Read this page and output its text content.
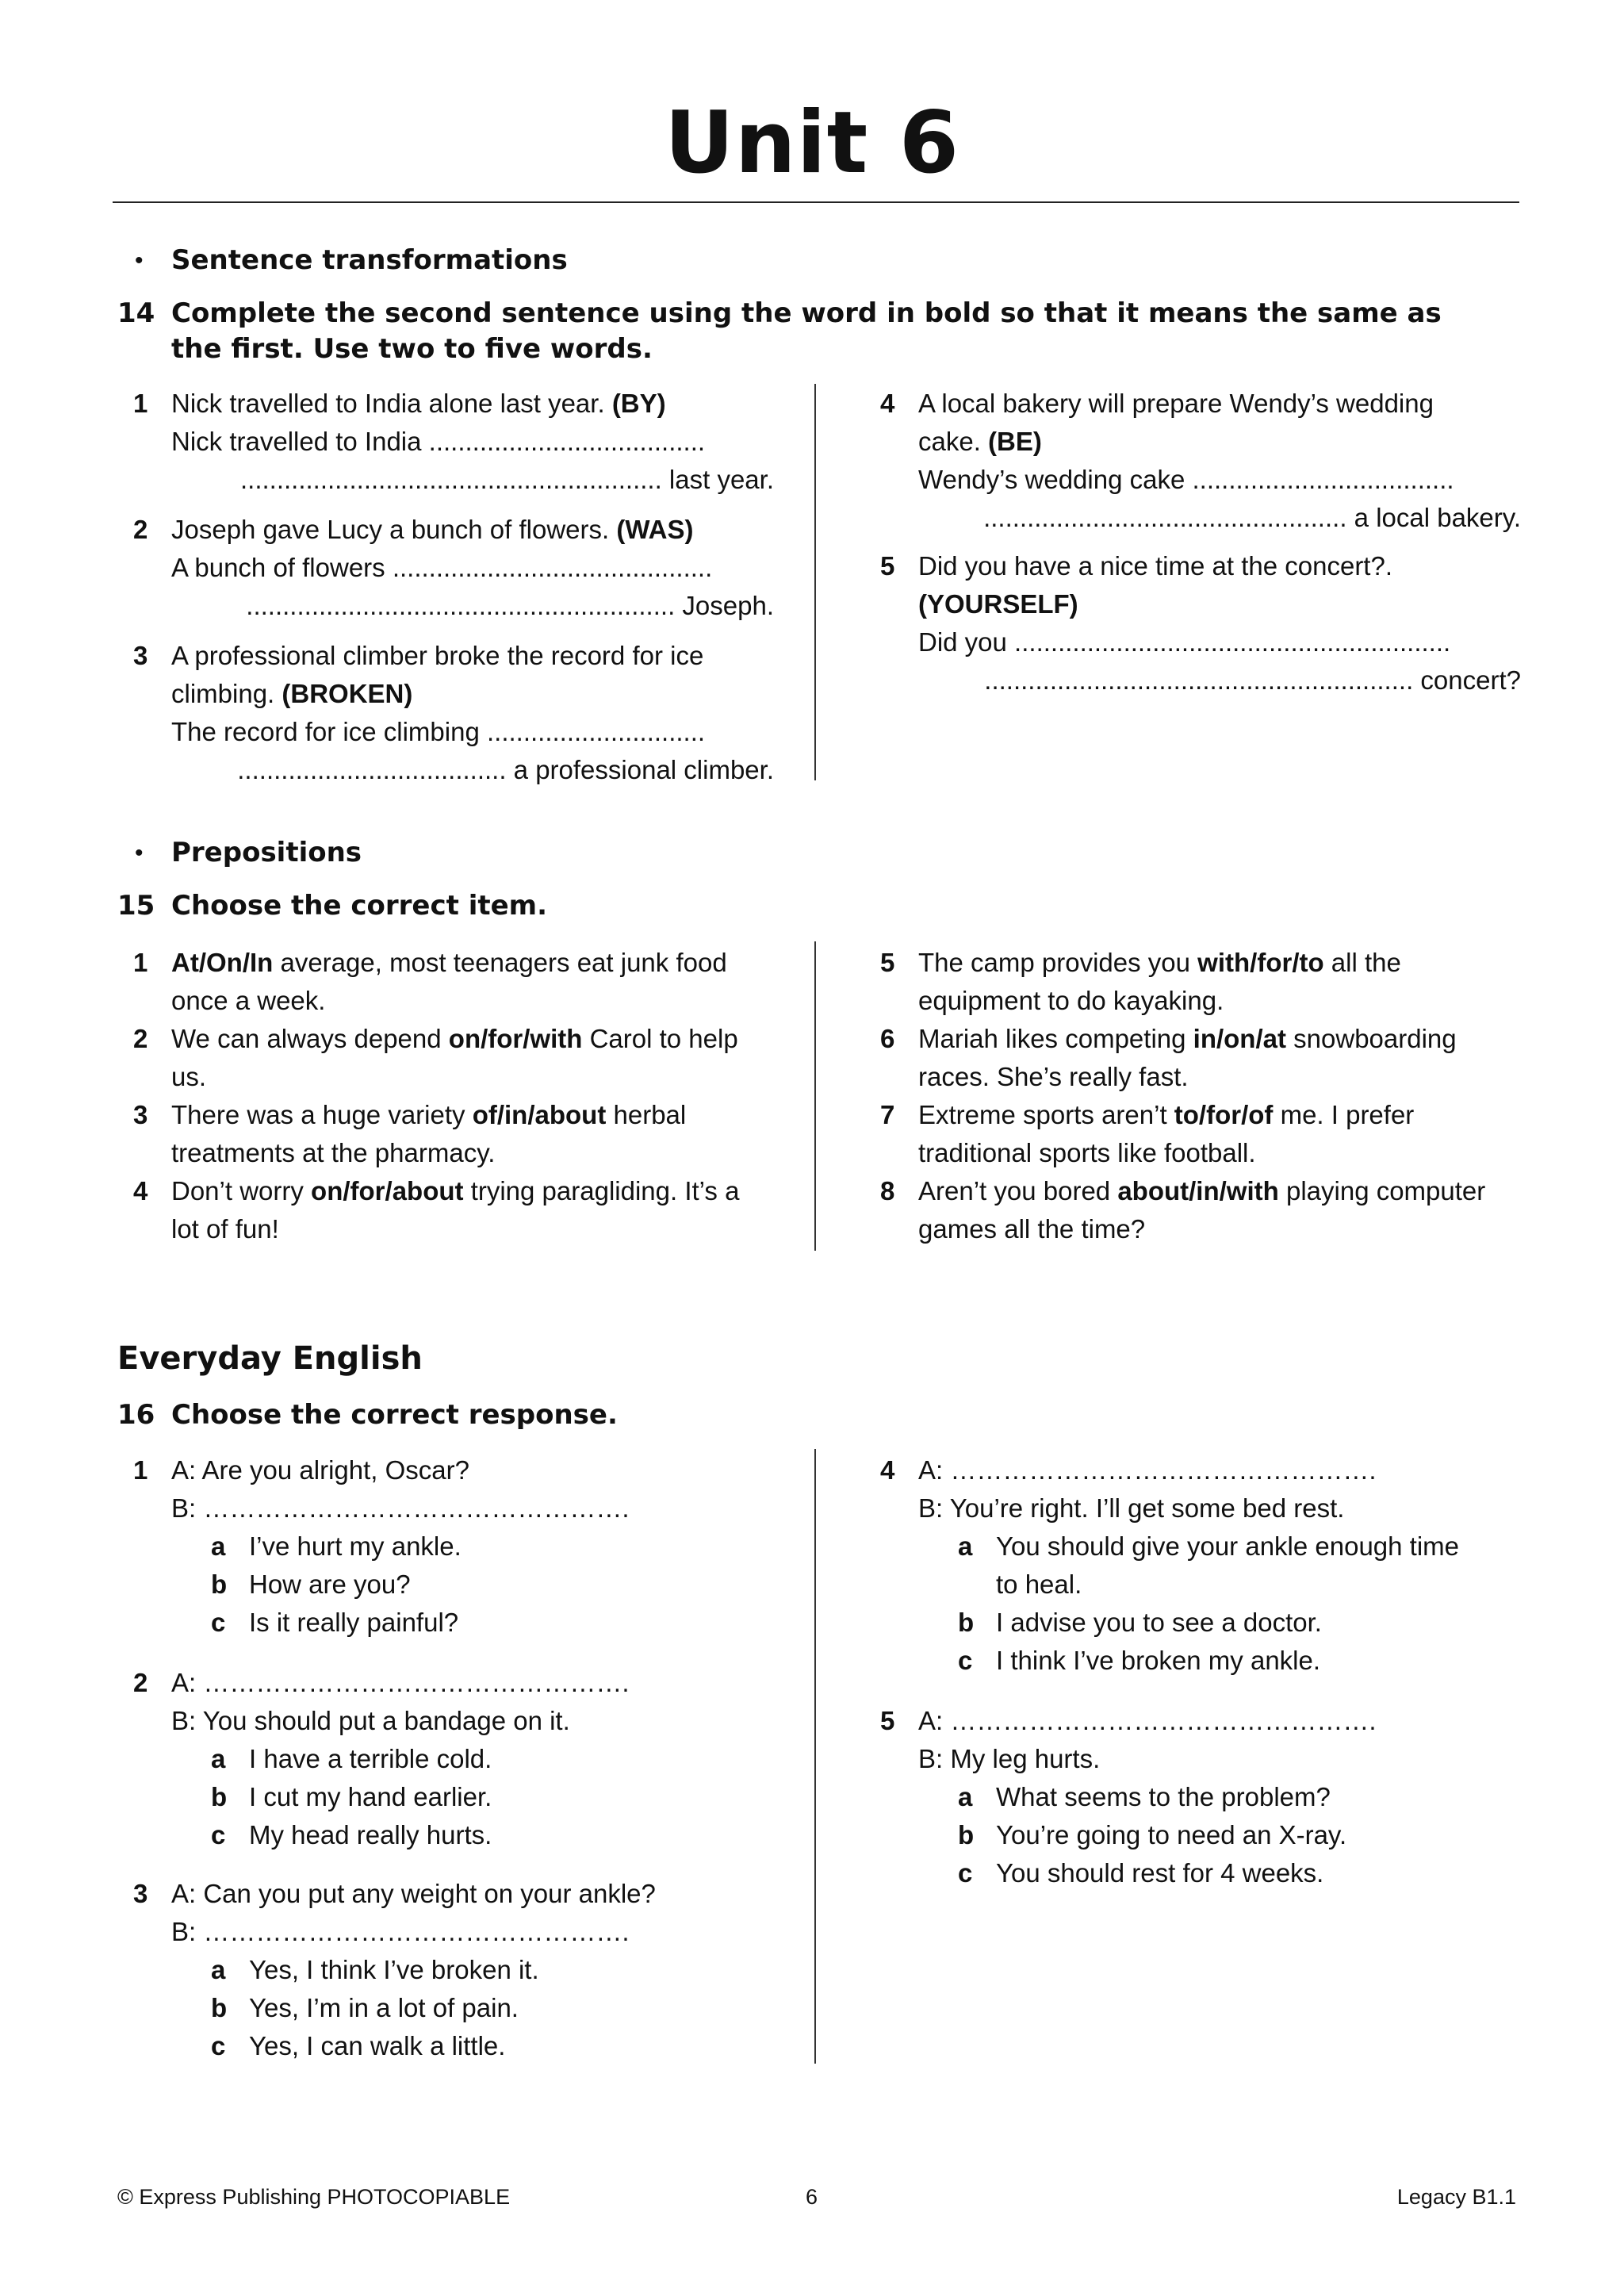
Unit 6
• Sentence transformations
14 Complete the second sentence using the word in bold so that it means the same as
the first. Use two to five words.
1 Nick travelled to India alone last year. (BY)
Nick travelled to India ......................................
.......................................................... last year.
2 Joseph gave Lucy a bunch of flowers. (WAS)
A bunch of flowers ............................................
........................................................... Joseph.
3 A professional climber broke the record for ice
climbing. (BROKEN)
The record for ice climbing ..............................
..................................... a professional climber.
4 A local bakery will prepare Wendy’s wedding
cake. (BE)
Wendy’s wedding cake ....................................
.................................................. a local bakery.
5 Did you have a nice time at the concert?.
(YOURSELF)
Did you ............................................................
........................................................... concert?
• Prepositions
15 Choose the correct item.
1 At/On/In average, most teenagers eat junk food
once a week.
2 We can always depend on/for/with Carol to help
us.
3 There was a huge variety of/in/about herbal
treatments at the pharmacy.
4 Don’t worry on/for/about trying paragliding. It’s a
lot of fun!
5 The camp provides you with/for/to all the
equipment to do kayaking.
6 Mariah likes competing in/on/at snowboarding
races. She’s really fast.
7 Extreme sports aren’t to/for/of me. I prefer
traditional sports like football.
8 Aren’t you bored about/in/with playing computer
games all the time?
Everyday English
16 Choose the correct response.
1 A: Are you alright, Oscar?
B: ………………………………………….
a I’ve hurt my ankle.
b How are you?
c Is it really painful?
2 A: ………………………………………….
B: You should put a bandage on it.
a I have a terrible cold.
b I cut my hand earlier.
c My head really hurts.
3 A: Can you put any weight on your ankle?
B: ………………………………………….
a Yes, I think I’ve broken it.
b Yes, I’m in a lot of pain.
c Yes, I can walk a little.
4 A: ………………………………………….
B: You’re right. I’ll get some bed rest.
a You should give your ankle enough time
to heal.
b I advise you to see a doctor.
c I think I’ve broken my ankle.
5 A: ………………………………………….
B: My leg hurts.
a What seems to the problem?
b You’re going to need an X-ray.
c You should rest for 4 weeks.
© Express Publishing PHOTOCOPIABLE	6	Legacy B1.1
